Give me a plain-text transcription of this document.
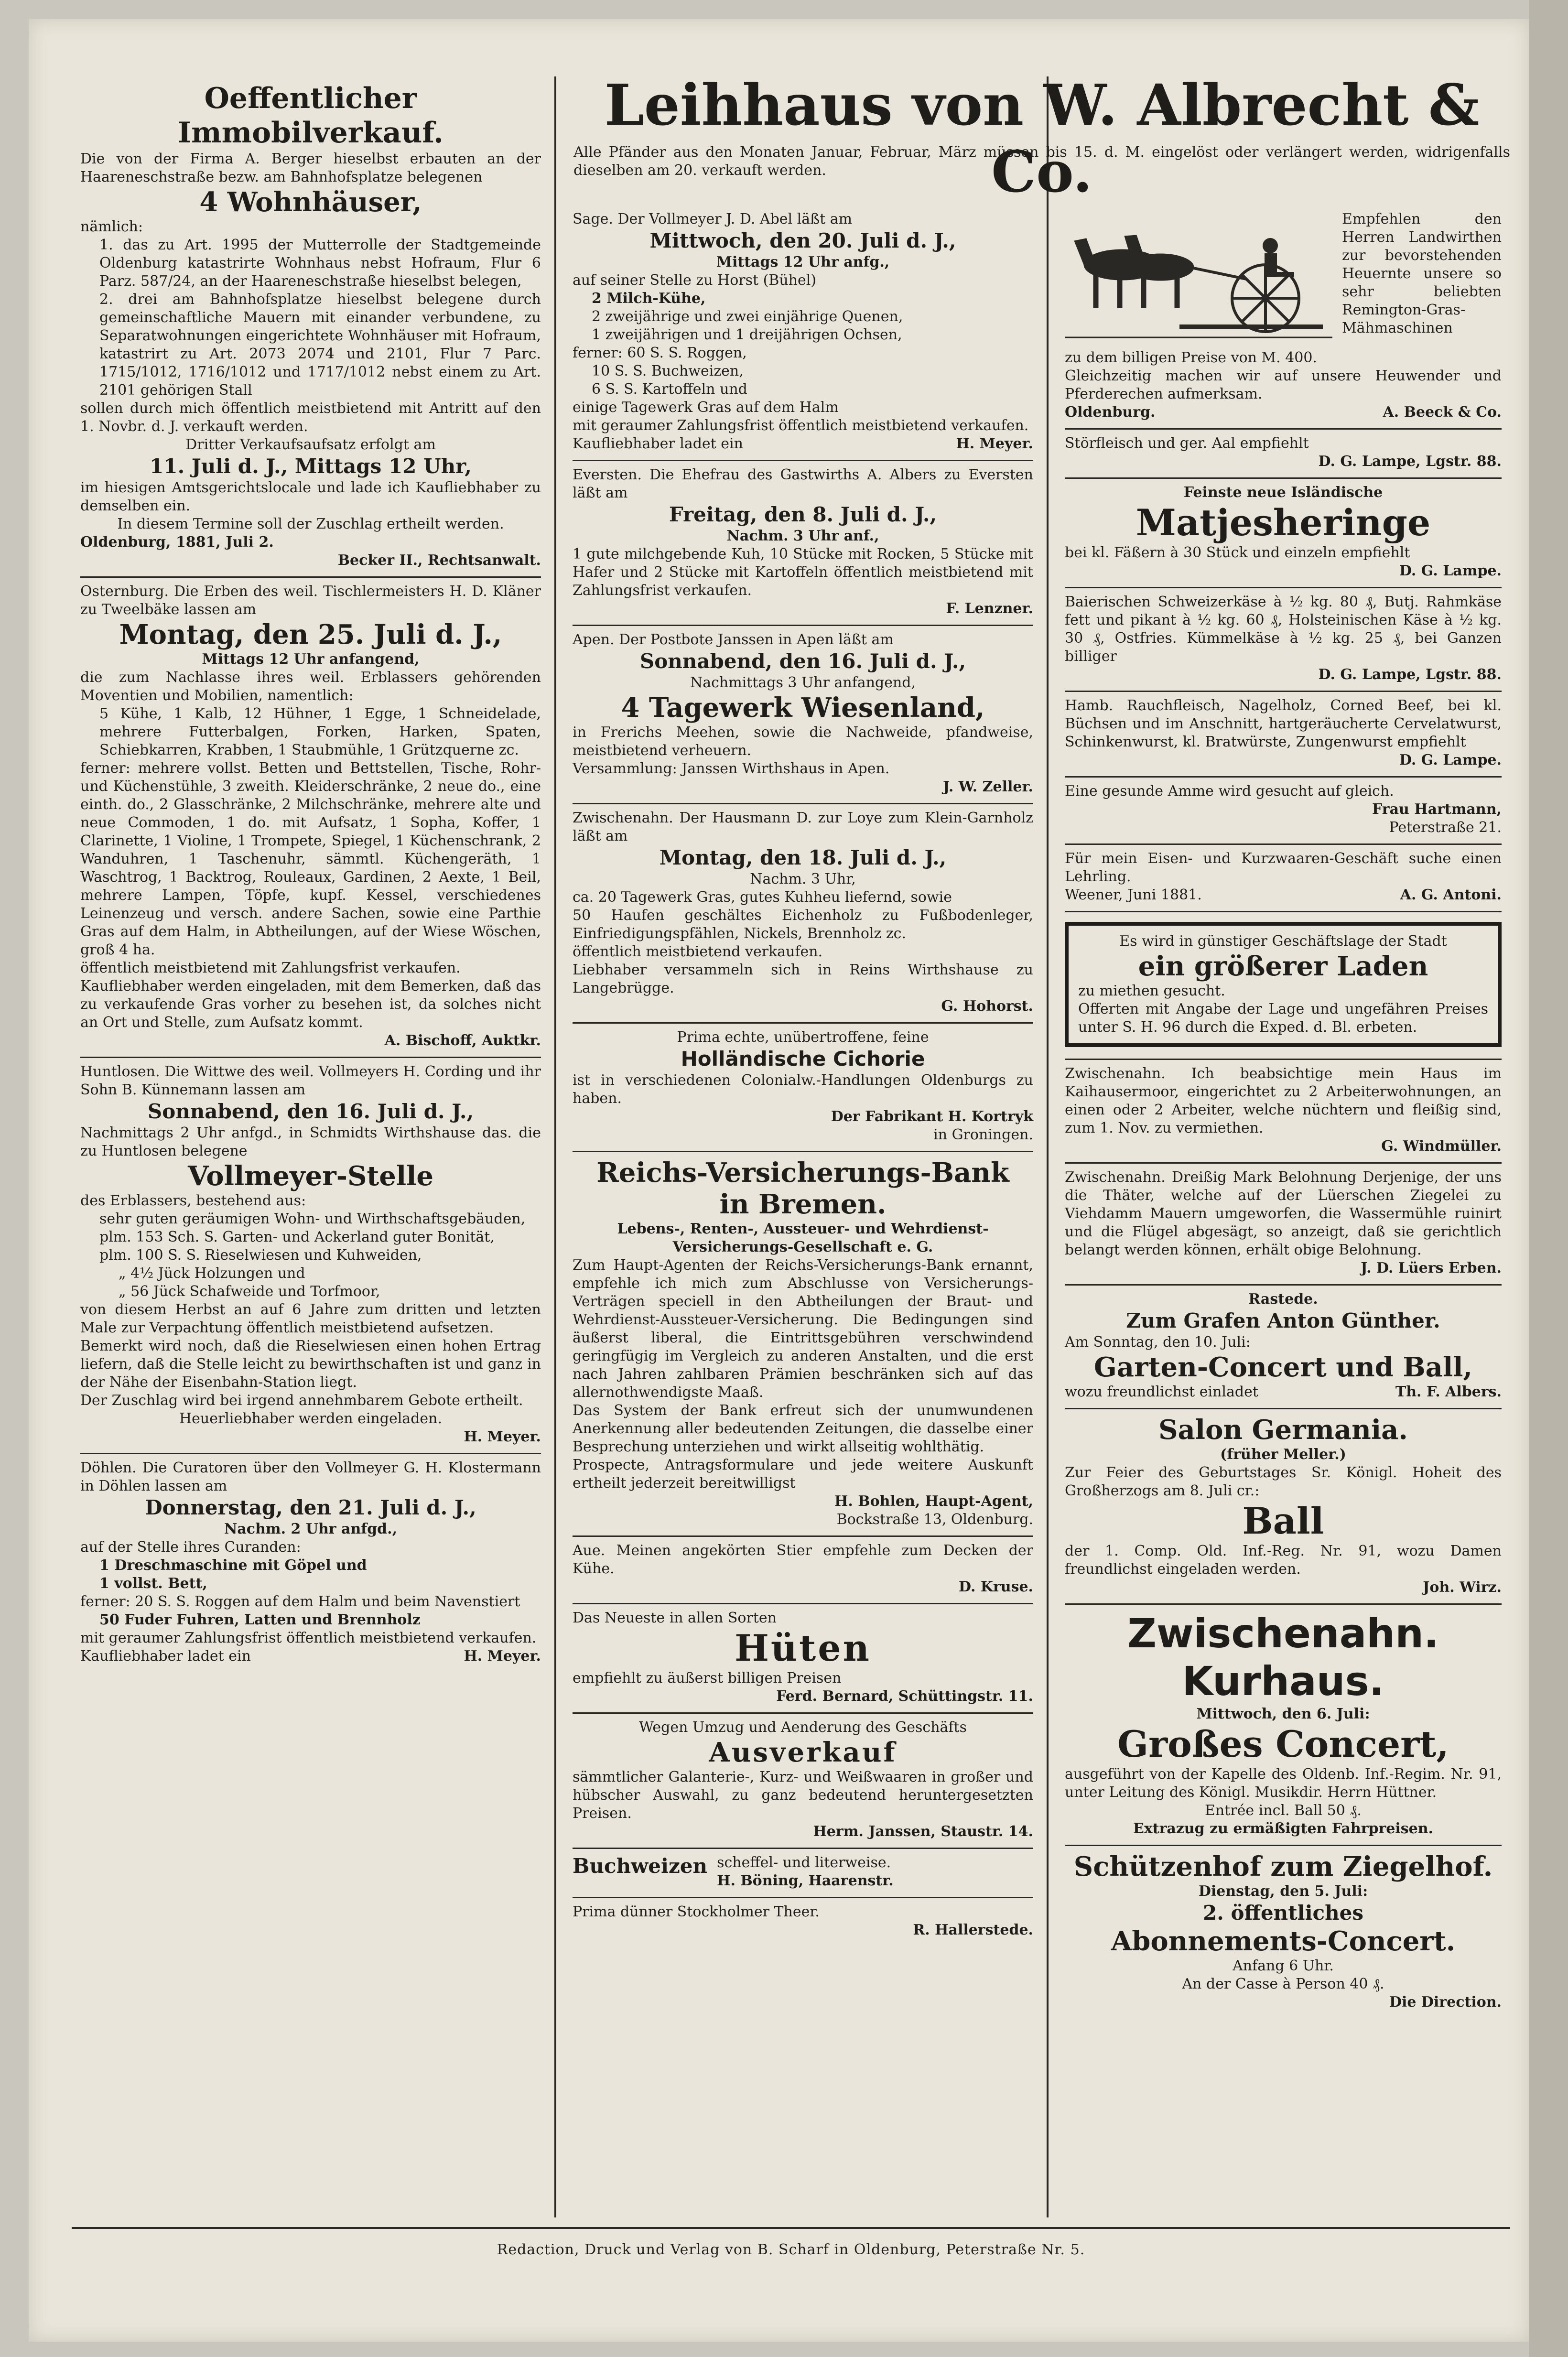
Leihhaus von W. Albrecht & Co.

Alle Pfänder aus den Monaten Januar, Februar, März müssen bis 15. d. M. eingelöst oder verlängert werden, widrigenfalls dieselben am 20. verkauft werden.

Oeffentlicher Immobilverkauf.

Die von der Firma A. Berger hieselbst erbauten an der Haareneschstraße bezw. am Bahnhofsplatze belegenen

4 Wohnhäuser,

nämlich:

1. das zu Art. 1995 der Mutterrolle der Stadtgemeinde Oldenburg katastrirte Wohnhaus nebst Hofraum, Flur 6 Parz. 587/24, an der Haareneschstraße hieselbst belegen,

2. drei am Bahnhofsplatze hieselbst belegene durch gemeinschaftliche Mauern mit einander verbundene, zu Separatwohnungen eingerichtete Wohnhäuser mit Hofraum, katastrirt zu Art. 2073 2074 und 2101, Flur 7 Parc. 1715/1012, 1716/1012 und 1717/1012 nebst einem zu Art. 2101 gehörigen Stall

sollen durch mich öffentlich meistbietend mit Antritt auf den 1. Novbr. d. J. verkauft werden.

Dritter Verkaufsaufsatz erfolgt am

11. Juli d. J., Mittags 12 Uhr,

im hiesigen Amtsgerichtslocale und lade ich Kaufliebhaber zu demselben ein.

In diesem Termine soll der Zuschlag ertheilt werden.

Oldenburg, 1881, Juli 2.

Becker II., Rechtsanwalt.

Osternburg. Die Erben des weil. Tischlermeisters H. D. Kläner zu Tweelbäke lassen am

Montag, den 25. Juli d. J.,

Mittags 12 Uhr anfangend,

die zum Nachlasse ihres weil. Erblassers gehörenden Moventien und Mobilien, namentlich:

5 Kühe, 1 Kalb, 12 Hühner, 1 Egge, 1 Schneidelade, mehrere Futterbalgen, Forken, Harken, Spaten, Schiebkarren, Krabben, 1 Staubmühle, 1 Grützquerne zc.

ferner: mehrere vollst. Betten und Bettstellen, Tische, Rohr- und Küchenstühle, 3 zweith. Kleiderschränke, 2 neue do., eine einth. do., 2 Glasschränke, 2 Milchschränke, mehrere alte und neue Commoden, 1 do. mit Aufsatz, 1 Sopha, Koffer, 1 Clarinette, 1 Violine, 1 Trompete, Spiegel, 1 Küchenschrank, 2 Wanduhren, 1 Taschenuhr, sämmtl. Küchengeräth, 1 Waschtrog, 1 Backtrog, Rouleaux, Gardinen, 2 Aexte, 1 Beil, mehrere Lampen, Töpfe, kupf. Kessel, verschiedenes Leinenzeug und versch. andere Sachen, sowie eine Parthie Gras auf dem Halm, in Abtheilungen, auf der Wiese Wöschen, groß 4 ha.

öffentlich meistbietend mit Zahlungsfrist verkaufen.

Kaufliebhaber werden eingeladen, mit dem Bemerken, daß das zu verkaufende Gras vorher zu besehen ist, da solches nicht an Ort und Stelle, zum Aufsatz kommt.

A. Bischoff, Auktkr.

Huntlosen. Die Wittwe des weil. Vollmeyers H. Cording und ihr Sohn B. Künnemann lassen am

Sonnabend, den 16. Juli d. J.,

Nachmittags 2 Uhr anfgd., in Schmidts Wirthshause das. die zu Huntlosen belegene

Vollmeyer-Stelle

des Erblassers, bestehend aus:

sehr guten geräumigen Wohn- und Wirthschaftsgebäuden,

plm. 153 Sch. S. Garten- und Ackerland guter Bonität,

plm. 100 S. S. Rieselwiesen und Kuhweiden,

„ 4½ Jück Holzungen und

„ 56 Jück Schafweide und Torfmoor,

von diesem Herbst an auf 6 Jahre zum dritten und letzten Male zur Verpachtung öffentlich meistbietend aufsetzen.

Bemerkt wird noch, daß die Rieselwiesen einen hohen Ertrag liefern, daß die Stelle leicht zu bewirthschaften ist und ganz in der Nähe der Eisenbahn-Station liegt.

Der Zuschlag wird bei irgend annehmbarem Gebote ertheilt.

Heuerliebhaber werden eingeladen.

H. Meyer.

Döhlen. Die Curatoren über den Vollmeyer G. H. Klostermann in Döhlen lassen am

Donnerstag, den 21. Juli d. J.,

Nachm. 2 Uhr anfgd.,

auf der Stelle ihres Curanden:

1 Dreschmaschine mit Göpel und

1 vollst. Bett,

ferner: 20 S. S. Roggen auf dem Halm und beim Navenstiert

50 Fuder Fuhren, Latten und Brennholz

mit geraumer Zahlungsfrist öffentlich meistbietend verkaufen.

Kaufliebhaber ladet ein	H. Meyer.

Sage. Der Vollmeyer J. D. Abel läßt am

Mittwoch, den 20. Juli d. J.,

Mittags 12 Uhr anfg.,

auf seiner Stelle zu Horst (Bühel)

2 Milch-Kühe,

2 zweijährige und zwei einjährige Quenen,

1 zweijährigen und 1 dreijährigen Ochsen,

ferner: 60 S. S. Roggen,

10 S. S. Buchweizen,

6 S. S. Kartoffeln und

einige Tagewerk Gras auf dem Halm

mit geraumer Zahlungsfrist öffentlich meistbietend verkaufen.

Kaufliebhaber ladet ein	H. Meyer.

Eversten. Die Ehefrau des Gastwirths A. Albers zu Eversten läßt am

Freitag, den 8. Juli d. J.,

Nachm. 3 Uhr anf.,

1 gute milchgebende Kuh, 10 Stücke mit Rocken, 5 Stücke mit Hafer und 2 Stücke mit Kartoffeln öffentlich meistbietend mit Zahlungsfrist verkaufen.

F. Lenzner.

Apen. Der Postbote Janssen in Apen läßt am

Sonnabend, den 16. Juli d. J.,

Nachmittags 3 Uhr anfangend,

4 Tagewerk Wiesenland,

in Frerichs Meehen, sowie die Nachweide, pfandweise, meistbietend verheuern.

Versammlung: Janssen Wirthshaus in Apen.

J. W. Zeller.

Zwischenahn. Der Hausmann D. zur Loye zum Klein-Garnholz läßt am

Montag, den 18. Juli d. J.,

Nachm. 3 Uhr,

ca. 20 Tagewerk Gras, gutes Kuhheu liefernd, sowie

50 Haufen geschältes Eichenholz zu Fußbodenleger, Einfriedigungspfählen, Nickels, Brennholz zc.

öffentlich meistbietend verkaufen.

Liebhaber versammeln sich in Reins Wirthshause zu Langebrügge.

G. Hohorst.

Prima echte, unübertroffene, feine

Holländische Cichorie

ist in verschiedenen Colonialw.-Handlungen Oldenburgs zu haben.

Der Fabrikant H. Kortryk

in Groningen.

Reichs-Versicherungs-Bank

in Bremen.

Lebens-, Renten-, Aussteuer- und Wehrdienst-Versicherungs-Gesellschaft e. G.

Zum Haupt-Agenten der Reichs-Versicherungs-Bank ernannt, empfehle ich mich zum Abschlusse von Versicherungs-Verträgen speciell in den Abtheilungen der Braut- und Wehrdienst-Aussteuer-Versicherung. Die Bedingungen sind äußerst liberal, die Eintrittsgebühren verschwindend geringfügig im Vergleich zu anderen Anstalten, und die erst nach Jahren zahlbaren Prämien beschränken sich auf das allernothwendigste Maaß.

Das System der Bank erfreut sich der unumwundenen Anerkennung aller bedeutenden Zeitungen, die dasselbe einer Besprechung unterziehen und wirkt allseitig wohlthätig.

Prospecte, Antragsformulare und jede weitere Auskunft ertheilt jederzeit bereitwilligst

H. Bohlen, Haupt-Agent,

Bockstraße 13, Oldenburg.

Aue. Meinen angekörten Stier empfehle zum Decken der Kühe.

D. Kruse.

Das Neueste in allen Sorten

Hüten

empfiehlt zu äußerst billigen Preisen

Ferd. Bernard, Schüttingstr. 11.

Wegen Umzug und Aenderung des Geschäfts

Ausverkauf

sämmtlicher Galanterie-, Kurz- und Weißwaaren in großer und hübscher Auswahl, zu ganz bedeutend heruntergesetzten Preisen.

Herm. Janssen, Staustr. 14.

Buchweizen scheffel- und literweise.

H. Böning, Haarenstr.

Prima dünner Stockholmer Theer.

R. Hallerstede.

Empfehlen den Herren Landwirthen zur bevorstehenden Heuernte unsere so sehr beliebten Remington-Gras-Mähmaschinen

zu dem billigen Preise von M. 400.

Gleichzeitig machen wir auf unsere Heuwender und Pferderechen aufmerksam.

Oldenburg.	A. Beeck & Co.

Störfleisch und ger. Aal empfiehlt

D. G. Lampe, Lgstr. 88.

Feinste neue Isländische

Matjesheringe

bei kl. Fäßern à 30 Stück und einzeln empfiehlt

D. G. Lampe.

Baierischen Schweizerkäse à ½ kg. 80 ₰, Butj. Rahmkäse fett und pikant à ½ kg. 60 ₰, Holsteinischen Käse à ½ kg. 30 ₰, Ostfries. Kümmelkäse à ½ kg. 25 ₰, bei Ganzen billiger

D. G. Lampe, Lgstr. 88.

Hamb. Rauchfleisch, Nagelholz, Corned Beef, bei kl. Büchsen und im Anschnitt, hartgeräucherte Cervelatwurst, Schinkenwurst, kl. Bratwürste, Zungenwurst empfiehlt

D. G. Lampe.

Eine gesunde Amme wird gesucht auf gleich.

Frau Hartmann,

Peterstraße 21.

Für mein Eisen- und Kurzwaaren-Geschäft suche einen Lehrling.

Weener, Juni 1881.	A. G. Antoni.

Es wird in günstiger Geschäftslage der Stadt

ein größerer Laden

zu miethen gesucht.

Offerten mit Angabe der Lage und ungefähren Preises unter S. H. 96 durch die Exped. d. Bl. erbeten.

Zwischenahn. Ich beabsichtige mein Haus im Kaihausermoor, eingerichtet zu 2 Arbeiterwohnungen, an einen oder 2 Arbeiter, welche nüchtern und fleißig sind, zum 1. Nov. zu vermiethen.

G. Windmüller.

Zwischenahn. Dreißig Mark Belohnung Derjenige, der uns die Thäter, welche auf der Lüerschen Ziegelei zu Viehdamm Mauern umgeworfen, die Wassermühle ruinirt und die Flügel abgesägt, so anzeigt, daß sie gerichtlich belangt werden können, erhält obige Belohnung.

J. D. Lüers Erben.

Rastede.

Zum Grafen Anton Günther.

Am Sonntag, den 10. Juli:

Garten-Concert und Ball,

wozu freundlichst einladet	Th. F. Albers.

Salon Germania.

(früher Meller.)

Zur Feier des Geburtstages Sr. Königl. Hoheit des Großherzogs am 8. Juli cr.:

Ball

der 1. Comp. Old. Inf.-Reg. Nr. 91, wozu Damen freundlichst eingeladen werden.

Joh. Wirz.

Zwischenahn. Kurhaus.

Mittwoch, den 6. Juli:

Großes Concert,

ausgeführt von der Kapelle des Oldenb. Inf.-Regim. Nr. 91, unter Leitung des Königl. Musikdir. Herrn Hüttner.

Entrée incl. Ball 50 ₰.

Extrazug zu ermäßigten Fahrpreisen.

Schützenhof zum Ziegelhof.

Dienstag, den 5. Juli:

2. öffentliches

Abonnements-Concert.

Anfang 6 Uhr.

An der Casse à Person 40 ₰.

Die Direction.

Redaction, Druck und Verlag von B. Scharf in Oldenburg, Peterstraße Nr. 5.
